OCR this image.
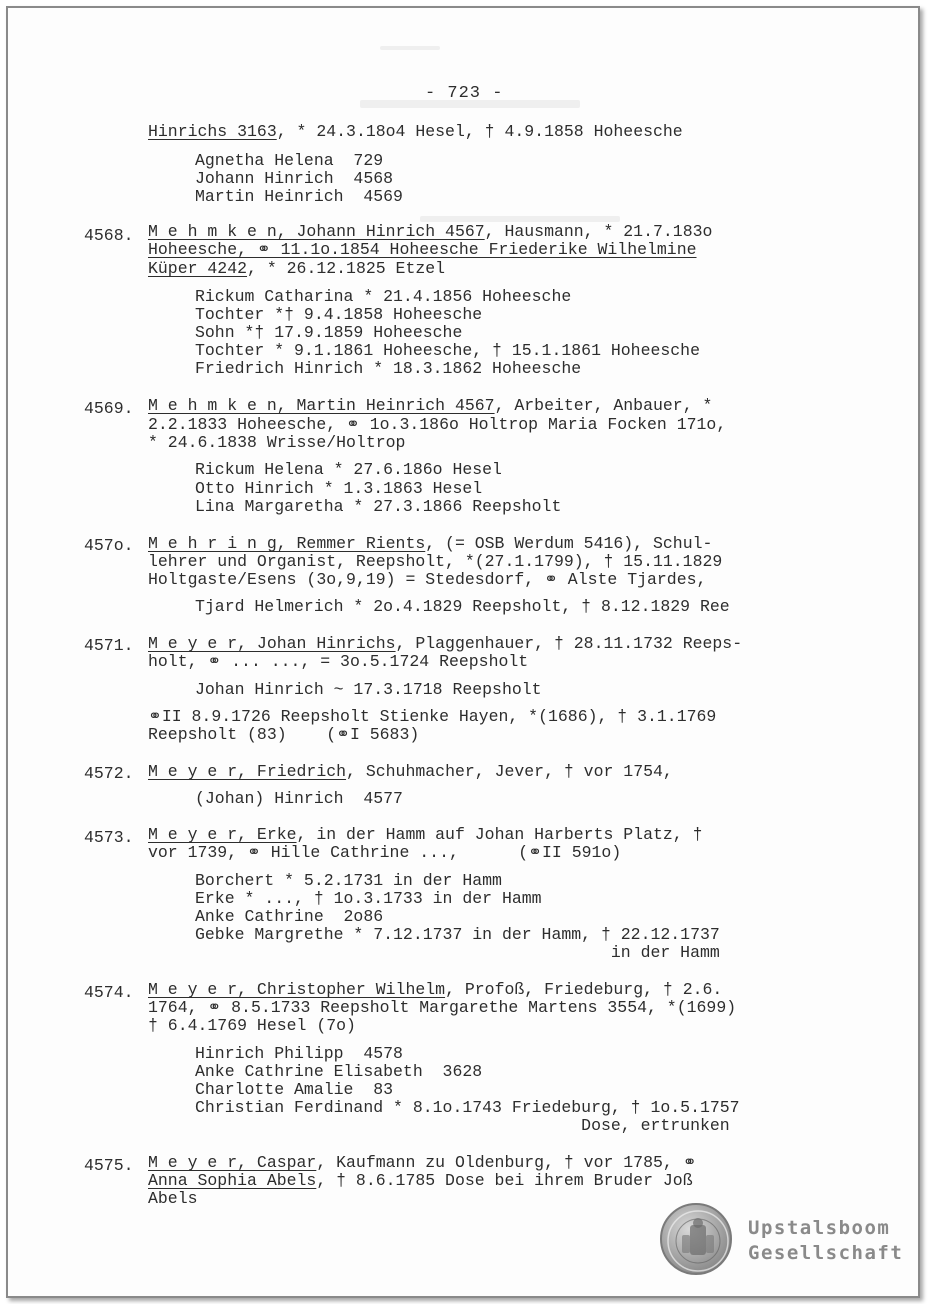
- 723 -
Hinrichs 3163, * 24.3.18o4 Hesel, † 4.9.1858 Hoheesche
Agnetha Helena  729
Johann Hinrich  4568
Martin Heinrich  4569
4568. M e h m k e n, Johann Hinrich 4567, Hausmann, * 21.7.183o
Hoheesche, ⚭ 11.1o.1854 Hoheesche Friederike Wilhelmine
Küper 4242, * 26.12.1825 Etzel
Rickum Catharina * 21.4.1856 Hoheesche
Tochter *† 9.4.1858 Hoheesche
Sohn *† 17.9.1859 Hoheesche
Tochter * 9.1.1861 Hoheesche, † 15.1.1861 Hoheesche
Friedrich Hinrich * 18.3.1862 Hoheesche
4569. M e h m k e n, Martin Heinrich 4567, Arbeiter, Anbauer, *
2.2.1833 Hoheesche, ⚭ 1o.3.186o Holtrop Maria Focken 171o,
* 24.6.1838 Wrisse/Holtrop
Rickum Helena * 27.6.186o Hesel
Otto Hinrich * 1.3.1863 Hesel
Lina Margaretha * 27.3.1866 Reepsholt
457o. M e h r i n g, Remmer Rients, (= OSB Werdum 5416), Schul-
lehrer und Organist, Reepsholt, *(27.1.1799), † 15.11.1829
Holtgaste/Esens (3o,9,19) = Stedesdorf, ⚭ Alste Tjardes,
Tjard Helmerich * 2o.4.1829 Reepsholt, † 8.12.1829 Ree
4571. M e y e r, Johan Hinrichs, Plaggenhauer, † 28.11.1732 Reeps-
holt, ⚭ ... ..., = 3o.5.1724 Reepsholt
Johan Hinrich ~ 17.3.1718 Reepsholt
⚭II 8.9.1726 Reepsholt Stienke Hayen, *(1686), † 3.1.1769
Reepsholt (83)    (⚭I 5683)
4572. M e y e r, Friedrich, Schuhmacher, Jever, † vor 1754,
(Johan) Hinrich  4577
4573. M e y e r, Erke, in der Hamm auf Johan Harberts Platz, †
vor 1739, ⚭ Hille Cathrine ...,      (⚭II 591o)
Borchert * 5.2.1731 in der Hamm
Erke * ..., † 1o.3.1733 in der Hamm
Anke Cathrine  2o86
Gebke Margrethe * 7.12.1737 in der Hamm, † 22.12.1737
in der Hamm
4574. M e y e r, Christopher Wilhelm, Profoß, Friedeburg, † 2.6.
1764, ⚭ 8.5.1733 Reepsholt Margarethe Martens 3554, *(1699)
† 6.4.1769 Hesel (7o)
Hinrich Philipp  4578
Anke Cathrine Elisabeth  3628
Charlotte Amalie  83
Christian Ferdinand * 8.1o.1743 Friedeburg, † 1o.5.1757
Dose, ertrunken
4575. M e y e r, Caspar, Kaufmann zu Oldenburg, † vor 1785, ⚭
Anna Sophia Abels, † 8.6.1785 Dose bei ihrem Bruder Joß
Abels
Upstalsboom
Gesellschaft
